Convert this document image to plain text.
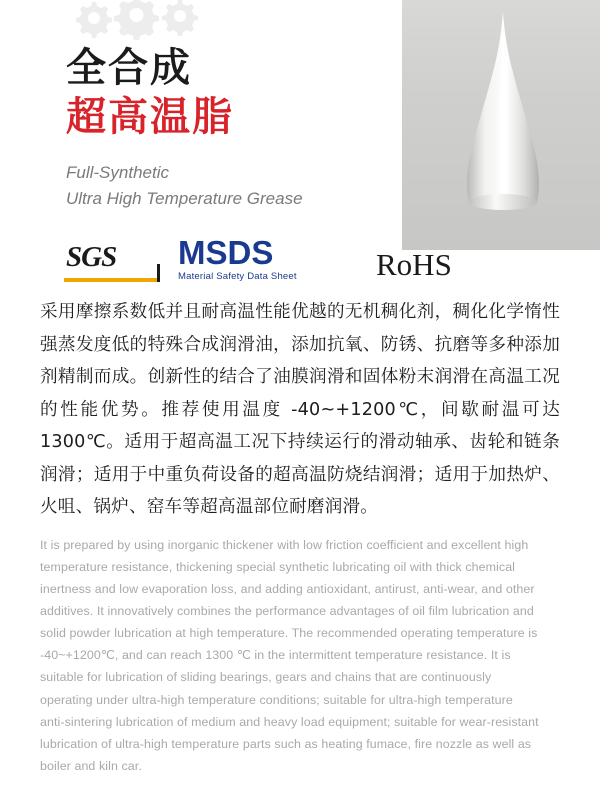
全合成
超高温脂
Full-Synthetic
Ultra High Temperature Grease
SGS	MSDS
Material Safety Data Sheet	RoHS
采用摩擦系数低并且耐高温性能优越的无机稠化剂，稠化化学惰性强蒸发度低的特殊合成润滑油，添加抗氧、防锈、抗磨等多种添加剂精制而成。创新性的结合了油膜润滑和固体粉末润滑在高温工况的性能优势。推荐使用温度 -40~+1200℃，间歇耐温可达 1300℃。适用于超高温工况下持续运行的滑动轴承、齿轮和链条润滑；适用于中重负荷设备的超高温防烧结润滑；适用于加热炉、火咀、锅炉、窑车等超高温部位耐磨润滑。
It is prepared by using inorganic thickener with low friction coefficient and excellent high temperature resistance, thickening special synthetic lubricating oil with thick chemical inertness and low evaporation loss, and adding antioxidant, antirust, anti-wear, and other additives. It innovatively combines the performance advantages of oil film lubrication and solid powder lubrication at high temperature. The recommended operating temperature is -40~+1200℃, and can reach 1300 ℃ in the intermittent temperature resistance. It is suitable for lubrication of sliding bearings, gears and chains that are continuously operating under ultra-high temperature conditions; suitable for ultra-high temperature anti-sintering lubrication of medium and heavy load equipment; suitable for wear-resistant lubrication of ultra-high temperature parts such as heating fumace, fire nozzle as well as boiler and kiln car.
